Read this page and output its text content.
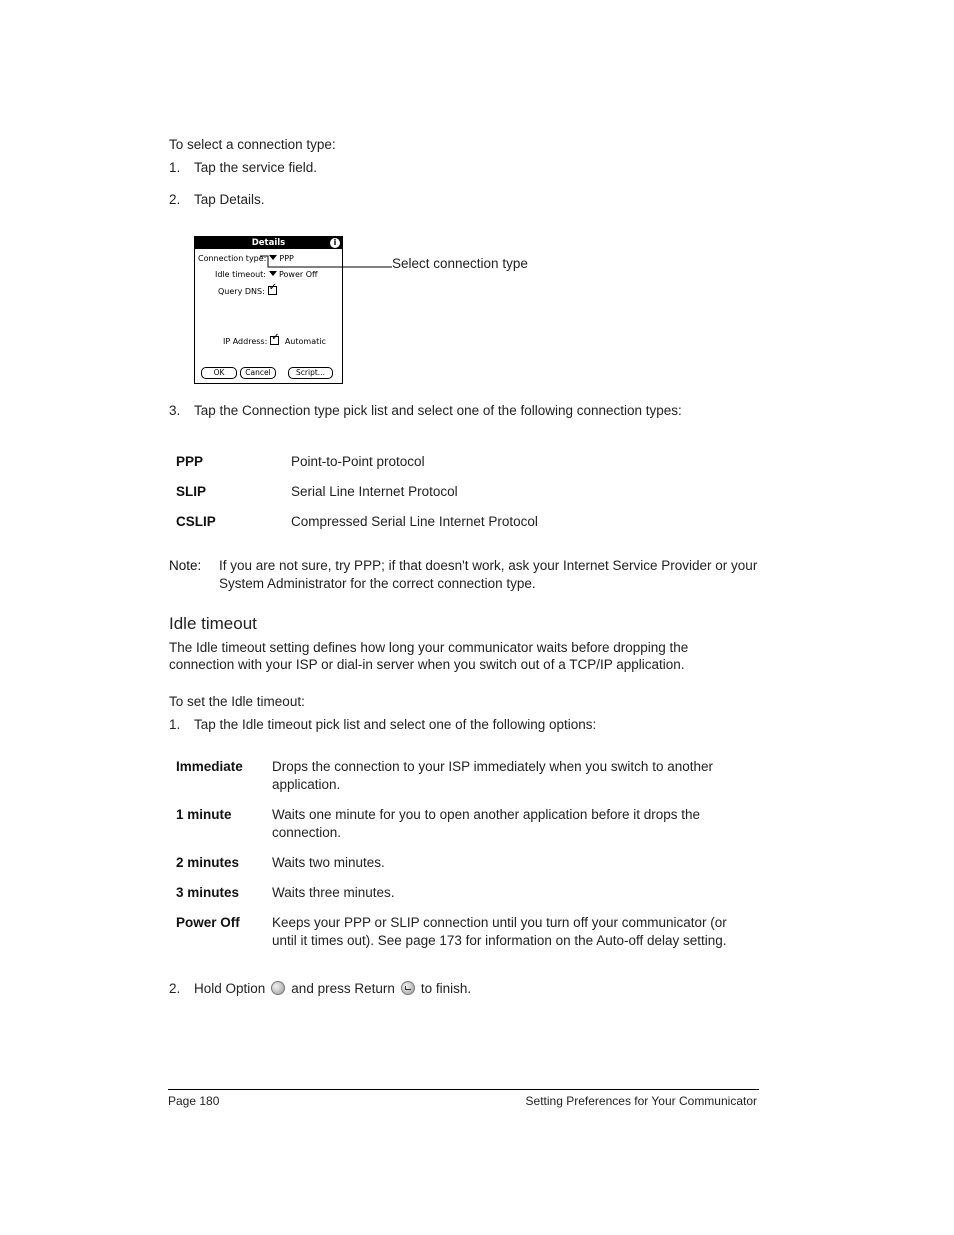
To select a connection type:
1. Tap the service field.
2. Tap Details.
Details	i
Connection type: PPP
Idle timeout: Power Off
Query DNS:✓
IP Address:✓ Automatic
OK	Cancel	Script...
Select connection type
3. Tap the Connection type pick list and select one of the following connection types:
PPP	Point-to-Point protocol
SLIP	Serial Line Internet Protocol
CSLIP	Compressed Serial Line Internet Protocol
Note: If you are not sure, try PPP; if that doesn't work, ask your Internet Service Provider or your
System Administrator for the correct connection type.
Idle timeout
The Idle timeout setting defines how long your communicator waits before dropping the
connection with your ISP or dial-in server when you switch out of a TCP/IP application.
To set the Idle timeout:
1. Tap the Idle timeout pick list and select one of the following options:
Immediate Drops the connection to your ISP immediately when you switch to another
application.
1 minute	Waits one minute for you to open another application before it drops the
connection.
2 minutes Waits two minutes.
3 minutes Waits three minutes.
Power Off Keeps your PPP or SLIP connection until you turn off your communicator (or
until it times out). See page 173 for information on the Auto-off delay setting.
2. Hold Option and press Return to finish.
Page 180	Setting Preferences for Your Communicator
